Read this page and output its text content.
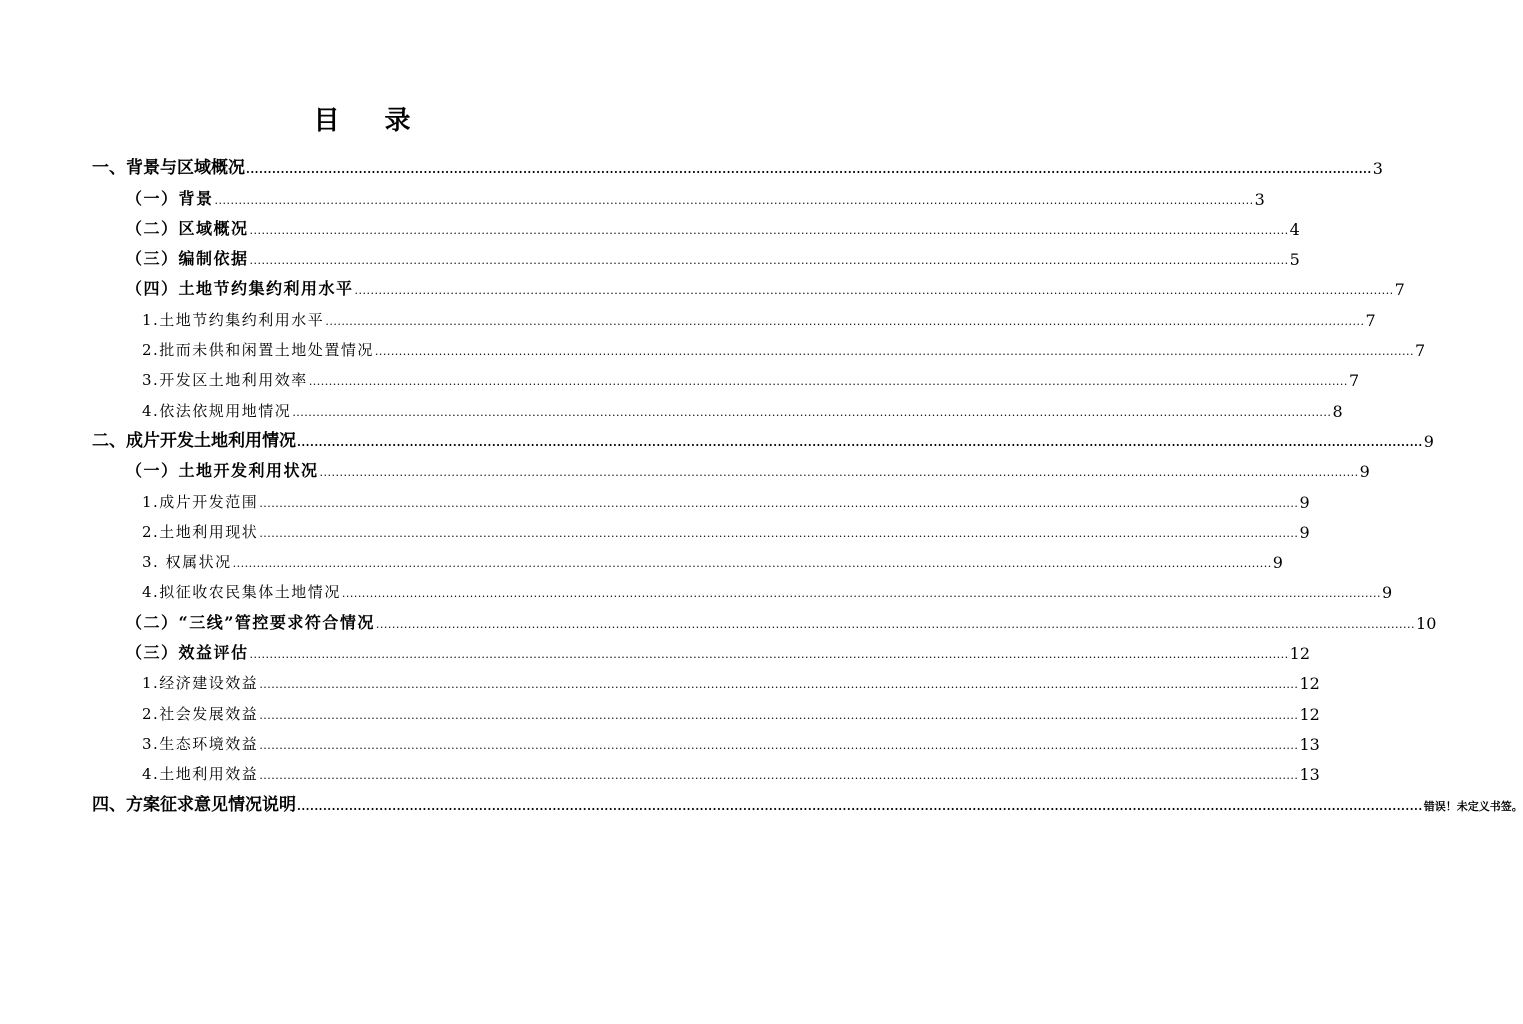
目 录
一、背景与区域概况 .................................................................................................................................................................................................................................................................... 3
（一）背景 .................................................................................................................................................................................................................................................................... 3
（二）区域概况 .................................................................................................................................................................................................................................................................... 4
（三）编制依据 .................................................................................................................................................................................................................................................................... 5
（四）土地节约集约利用水平 .................................................................................................................................................................................................................................................................... 7
1.土地节约集约利用水平 .................................................................................................................................................................................................................................................................... 7
2.批而未供和闲置土地处置情况 .................................................................................................................................................................................................................................................................... 7
3.开发区土地利用效率 .................................................................................................................................................................................................................................................................... 7
4.依法依规用地情况 .................................................................................................................................................................................................................................................................... 8
二、成片开发土地利用情况 .................................................................................................................................................................................................................................................................... 9
（一）土地开发利用状况 .................................................................................................................................................................................................................................................................... 9
1.成片开发范围 .................................................................................................................................................................................................................................................................... 9
2.土地利用现状 .................................................................................................................................................................................................................................................................... 9
3. 权属状况 .................................................................................................................................................................................................................................................................... 9
4.拟征收农民集体土地情况 .................................................................................................................................................................................................................................................................... 9
（二）“三线”管控要求符合情况 .................................................................................................................................................................................................................................................................... 10
（三）效益评估 .................................................................................................................................................................................................................................................................... 12
1.经济建设效益 .................................................................................................................................................................................................................................................................... 12
2.社会发展效益 .................................................................................................................................................................................................................................................................... 12
3.生态环境效益 .................................................................................................................................................................................................................................................................... 13
4.土地利用效益 .................................................................................................................................................................................................................................................................... 13
四、方案征求意见情况说明 .................................................................................................................................................................................................................................................................... 错误！未定义书签。
